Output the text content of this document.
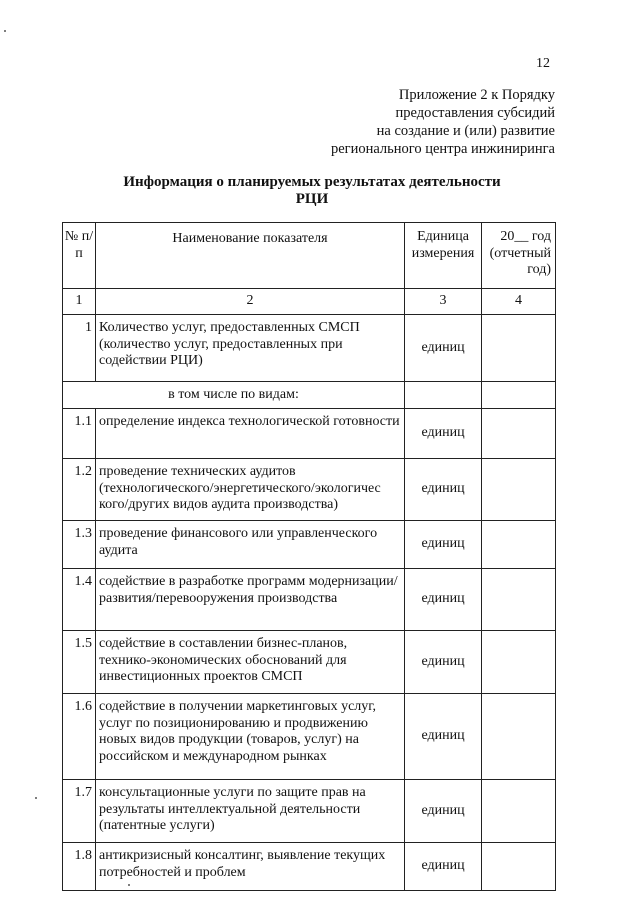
12
Приложение 2 к Порядку
предоставления субсидий
на создание и (или) развитие
регионального центра инжиниринга
Информация о планируемых результатах деятельности
РЦИ
№ п/п	Наименование показателя	Единица измерения	20__ год (отчетный год)
1	2	3	4
1	Количество услуг, предоставленных СМСП (количество услуг, предоставленных при содействии РЦИ)	единиц	
в том числе по видам:			
1.1	определение индекса технологической готовности	единиц	
1.2	проведение технических аудитов (технологического/энергетического/экологичес кого/других видов аудита производства)	единиц	
1.3	проведение финансового или управленческого аудита	единиц	
1.4	содействие в разработке программ модернизации/развития/перевооружения производства	единиц	
1.5	содействие в составлении бизнес-планов, технико-экономических обоснований для инвестиционных проектов СМСП	единиц	
1.6	содействие в получении маркетинговых услуг, услуг по позиционированию и продвижению новых видов продукции (товаров, услуг) на российском и международном рынках	единиц	
1.7	консультационные услуги по защите прав на результаты интеллектуальной деятельности (патентные услуги)	единиц	
1.8	антикризисный консалтинг, выявление текущих потребностей и проблем	единиц	
